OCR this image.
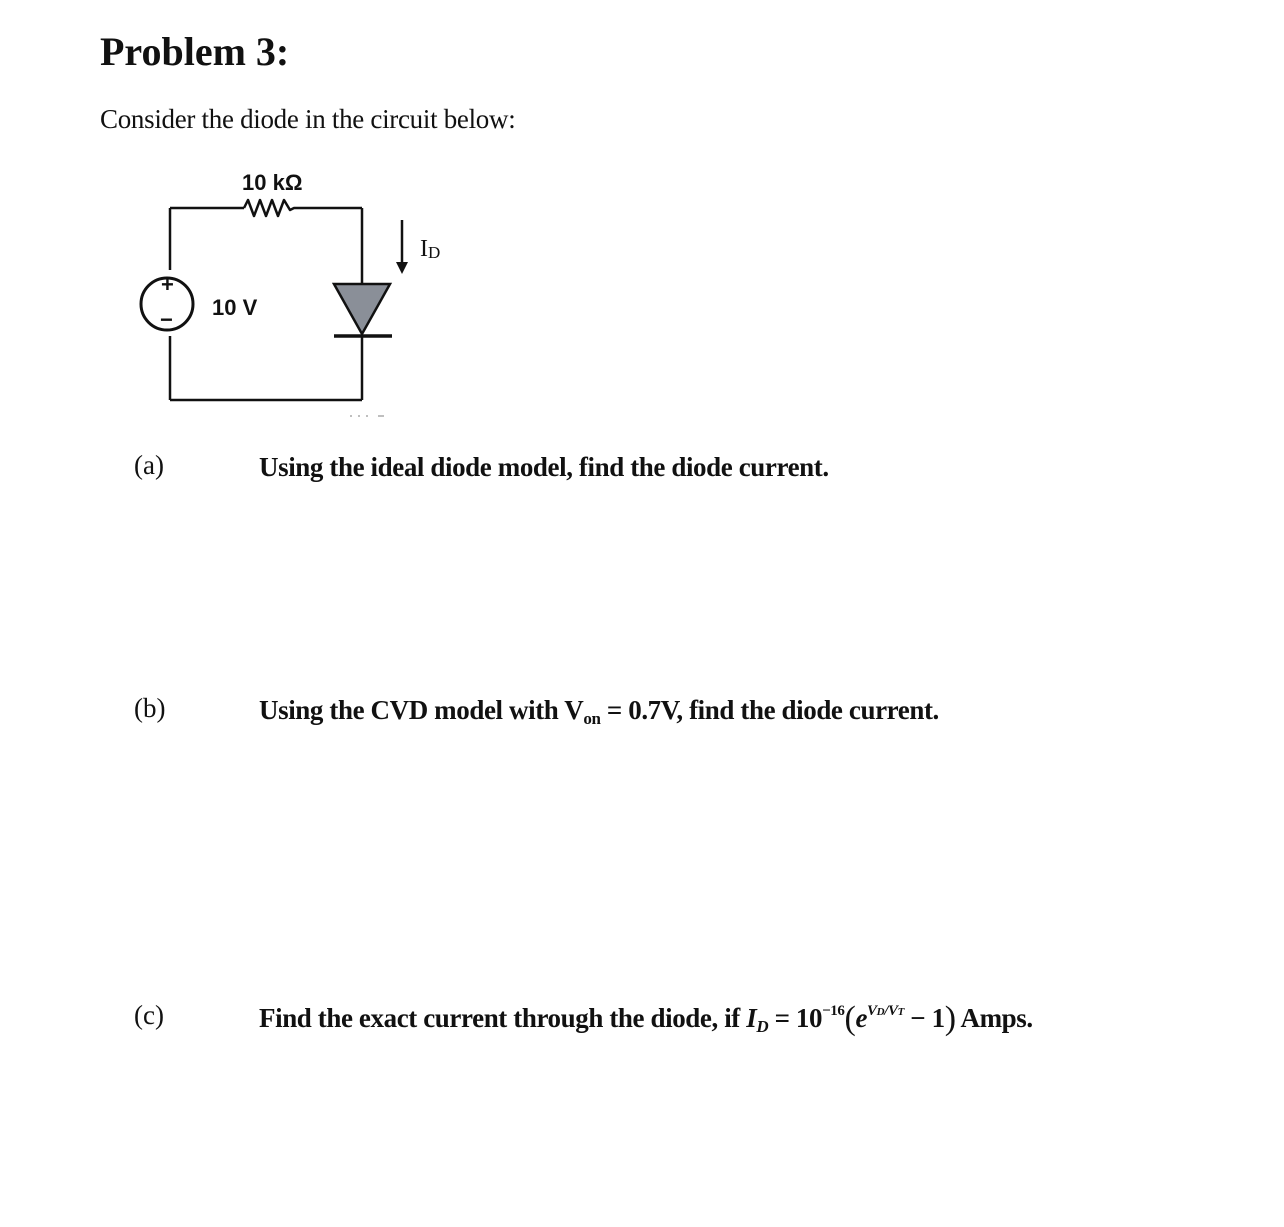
Problem 3:
Consider the diode in the circuit below:
+
− 10 V
10 kΩ
ID
(a)	Using the ideal diode model, find the diode current.
(b)	Using the CVD model with Von = 0.7V, find the diode current.
(c)	Find the exact current through the diode, if ID = $10^{-16}(e^{VD/VT} - 1)$ Amps.
